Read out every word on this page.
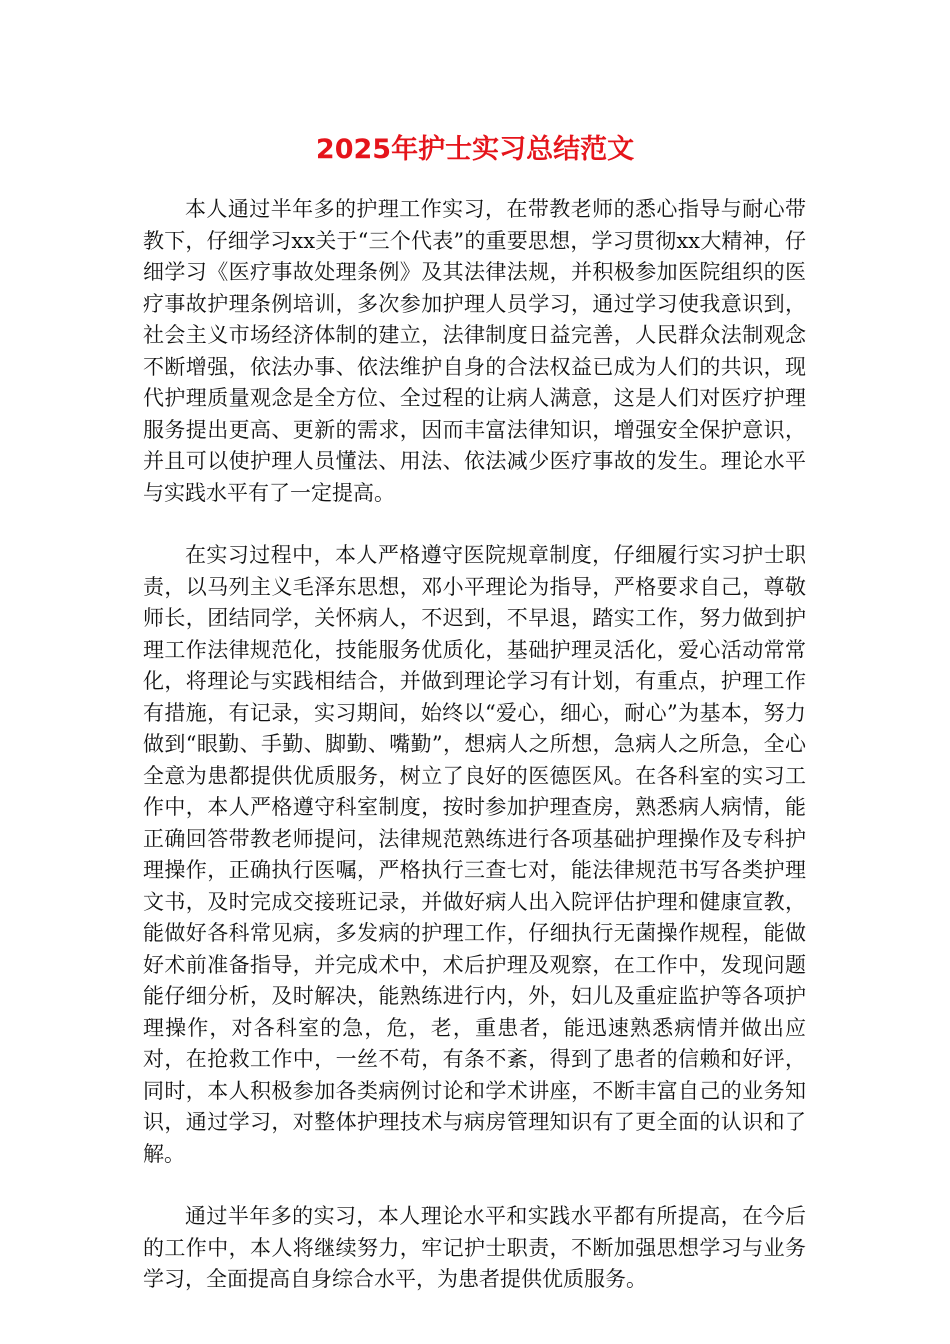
2025年护士实习总结范文

本人通过半年多的护理工作实习，在带教老师的悉心指导与耐心带教下，仔细学习xx关于“三个代表”的重要思想，学习贯彻xx大精神，仔细学习《医疗事故处理条例》及其法律法规，并积极参加医院组织的医疗事故护理条例培训，多次参加护理人员学习，通过学习使我意识到，社会主义市场经济体制的建立，法律制度日益完善，人民群众法制观念不断增强，依法办事、依法维护自身的合法权益已成为人们的共识，现代护理质量观念是全方位、全过程的让病人满意，这是人们对医疗护理服务提出更高、更新的需求，因而丰富法律知识，增强安全保护意识，并且可以使护理人员懂法、用法、依法减少医疗事故的发生。理论水平与实践水平有了一定提高。

在实习过程中，本人严格遵守医院规章制度，仔细履行实习护士职责，以马列主义毛泽东思想，邓小平理论为指导，严格要求自己，尊敬师长，团结同学，关怀病人，不迟到，不早退，踏实工作，努力做到护理工作法律规范化，技能服务优质化，基础护理灵活化，爱心活动常常化，将理论与实践相结合，并做到理论学习有计划，有重点，护理工作有措施，有记录，实习期间，始终以“爱心，细心，耐心”为基本，努力做到“眼勤、手勤、脚勤、嘴勤”，想病人之所想，急病人之所急，全心全意为患都提供优质服务，树立了良好的医德医风。在各科室的实习工作中，本人严格遵守科室制度，按时参加护理查房，熟悉病人病情，能正确回答带教老师提问，法律规范熟练进行各项基础护理操作及专科护理操作，正确执行医嘱，严格执行三查七对，能法律规范书写各类护理文书，及时完成交接班记录，并做好病人出入院评估护理和健康宣教，能做好各科常见病，多发病的护理工作，仔细执行无菌操作规程，能做好术前准备指导，并完成术中，术后护理及观察，在工作中，发现问题能仔细分析，及时解决，能熟练进行内，外，妇儿及重症监护等各项护理操作，对各科室的急，危，老，重患者，能迅速熟悉病情并做出应对，在抢救工作中，一丝不苟，有条不紊，得到了患者的信赖和好评，同时，本人积极参加各类病例讨论和学术讲座，不断丰富自己的业务知识，通过学习，对整体护理技术与病房管理知识有了更全面的认识和了解。

通过半年多的实习，本人理论水平和实践水平都有所提高，在今后的工作中，本人将继续努力，牢记护士职责，不断加强思想学习与业务学习，全面提高自身综合水平，为患者提供优质服务。
